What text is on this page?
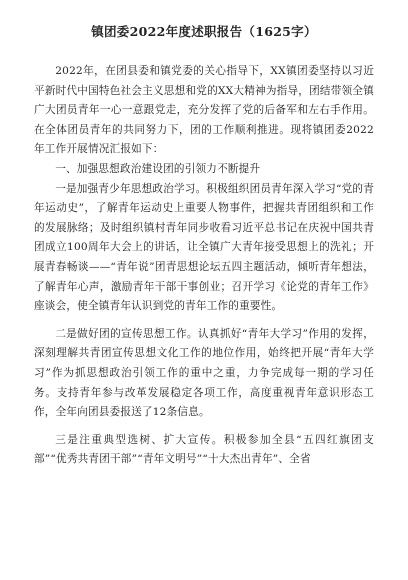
镇团委2022年度述职报告（1625字）

2022年，在团县委和镇党委的关心指导下，XX镇团委坚持以习近平新时代中国特色社会主义思想和党的XX大精神为指导，团结带领全镇广大团员青年一心一意跟党走，充分发挥了党的后备军和左右手作用。在全体团员青年的共同努力下，团的工作顺利推进。现将镇团委2022年工作开展情况汇报如下：

一、加强思想政治建设团的引领力不断提升

一是加强青少年思想政治学习。积极组织团员青年深入学习“党的青年运动史”，了解青年运动史上重要人物事件，把握共青团组织和工作的发展脉络；及时组织镇村青年同步收看习近平总书记在庆祝中国共青团成立100周年大会上的讲话，让全镇广大青年接受思想上的洗礼；开展青春畅谈——“青年说”团青思想论坛五四主题活动，倾听青年想法，了解青年心声，激励青年干部干事创业；召开学习《论党的青年工作》座谈会，使全镇青年认识到党的青年工作的重要性。

二是做好团的宣传思想工作。认真抓好“青年大学习”作用的发挥，深刻理解共青团宣传思想文化工作的地位作用，始终把开展“青年大学习”作为抓思想政治引领工作的重中之重，力争完成每一期的学习任务。支持青年参与改革发展稳定各项工作，高度重视青年意识形态工作，全年向团县委报送了12条信息。

三是注重典型选树、扩大宣传。积极参加全县“五四红旗团支部”“优秀共青团干部”“青年文明号”“十大杰出青年”、全省
